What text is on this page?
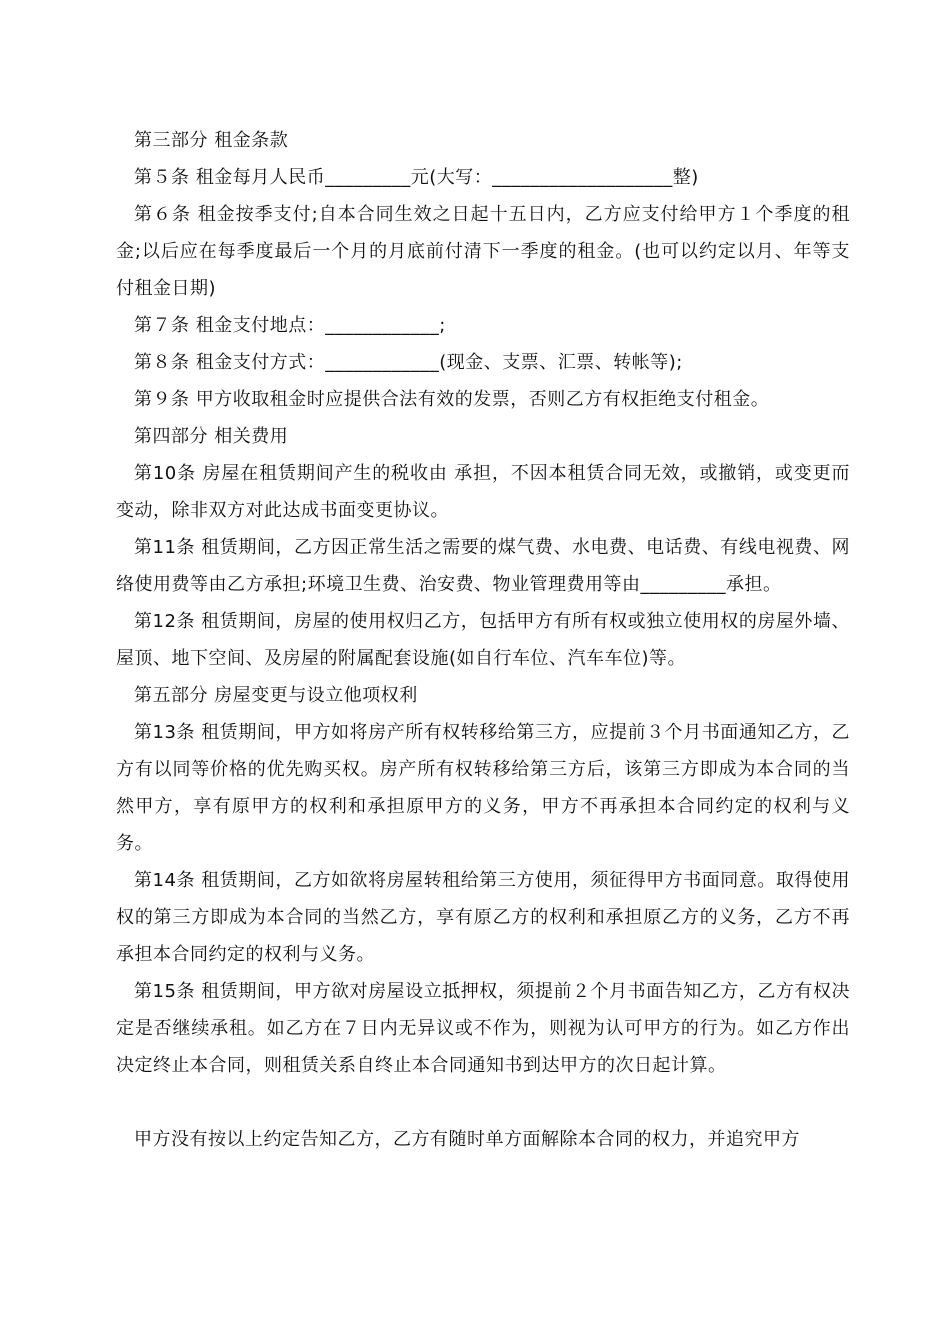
第三部分 租金条款

第５条 租金每月人民币_________元(大写：___________________整)

第６条 租金按季支付;自本合同生效之日起十五日内，乙方应支付给甲方１个季度的租金;以后应在每季度最后一个月的月底前付清下一季度的租金。(也可以约定以月、年等支付租金日期)

第７条 租金支付地点：____________;

第８条 租金支付方式：____________(现金、支票、汇票、转帐等);

第９条 甲方收取租金时应提供合法有效的发票，否则乙方有权拒绝支付租金。

第四部分 相关费用

第10条 房屋在租赁期间产生的税收由 承担，不因本租赁合同无效，或撤销，或变更而变动，除非双方对此达成书面变更协议。

第11条 租赁期间，乙方因正常生活之需要的煤气费、水电费、电话费、有线电视费、网络使用费等由乙方承担;环境卫生费、治安费、物业管理费用等由_________承担。

第12条 租赁期间，房屋的使用权归乙方，包括甲方有所有权或独立使用权的房屋外墙、屋顶、地下空间、及房屋的附属配套设施(如自行车位、汽车车位)等。

第五部分 房屋变更与设立他项权利

第13条 租赁期间，甲方如将房产所有权转移给第三方，应提前３个月书面通知乙方，乙方有以同等价格的优先购买权。房产所有权转移给第三方后，该第三方即成为本合同的当然甲方，享有原甲方的权利和承担原甲方的义务，甲方不再承担本合同约定的权利与义务。

第14条 租赁期间，乙方如欲将房屋转租给第三方使用，须征得甲方书面同意。取得使用权的第三方即成为本合同的当然乙方，享有原乙方的权利和承担原乙方的义务，乙方不再承担本合同约定的权利与义务。

第15条 租赁期间，甲方欲对房屋设立抵押权，须提前２个月书面告知乙方，乙方有权决定是否继续承租。如乙方在７日内无异议或不作为，则视为认可甲方的行为。如乙方作出决定终止本合同，则租赁关系自终止本合同通知书到达甲方的次日起计算。

甲方没有按以上约定告知乙方，乙方有随时单方面解除本合同的权力，并追究甲方
